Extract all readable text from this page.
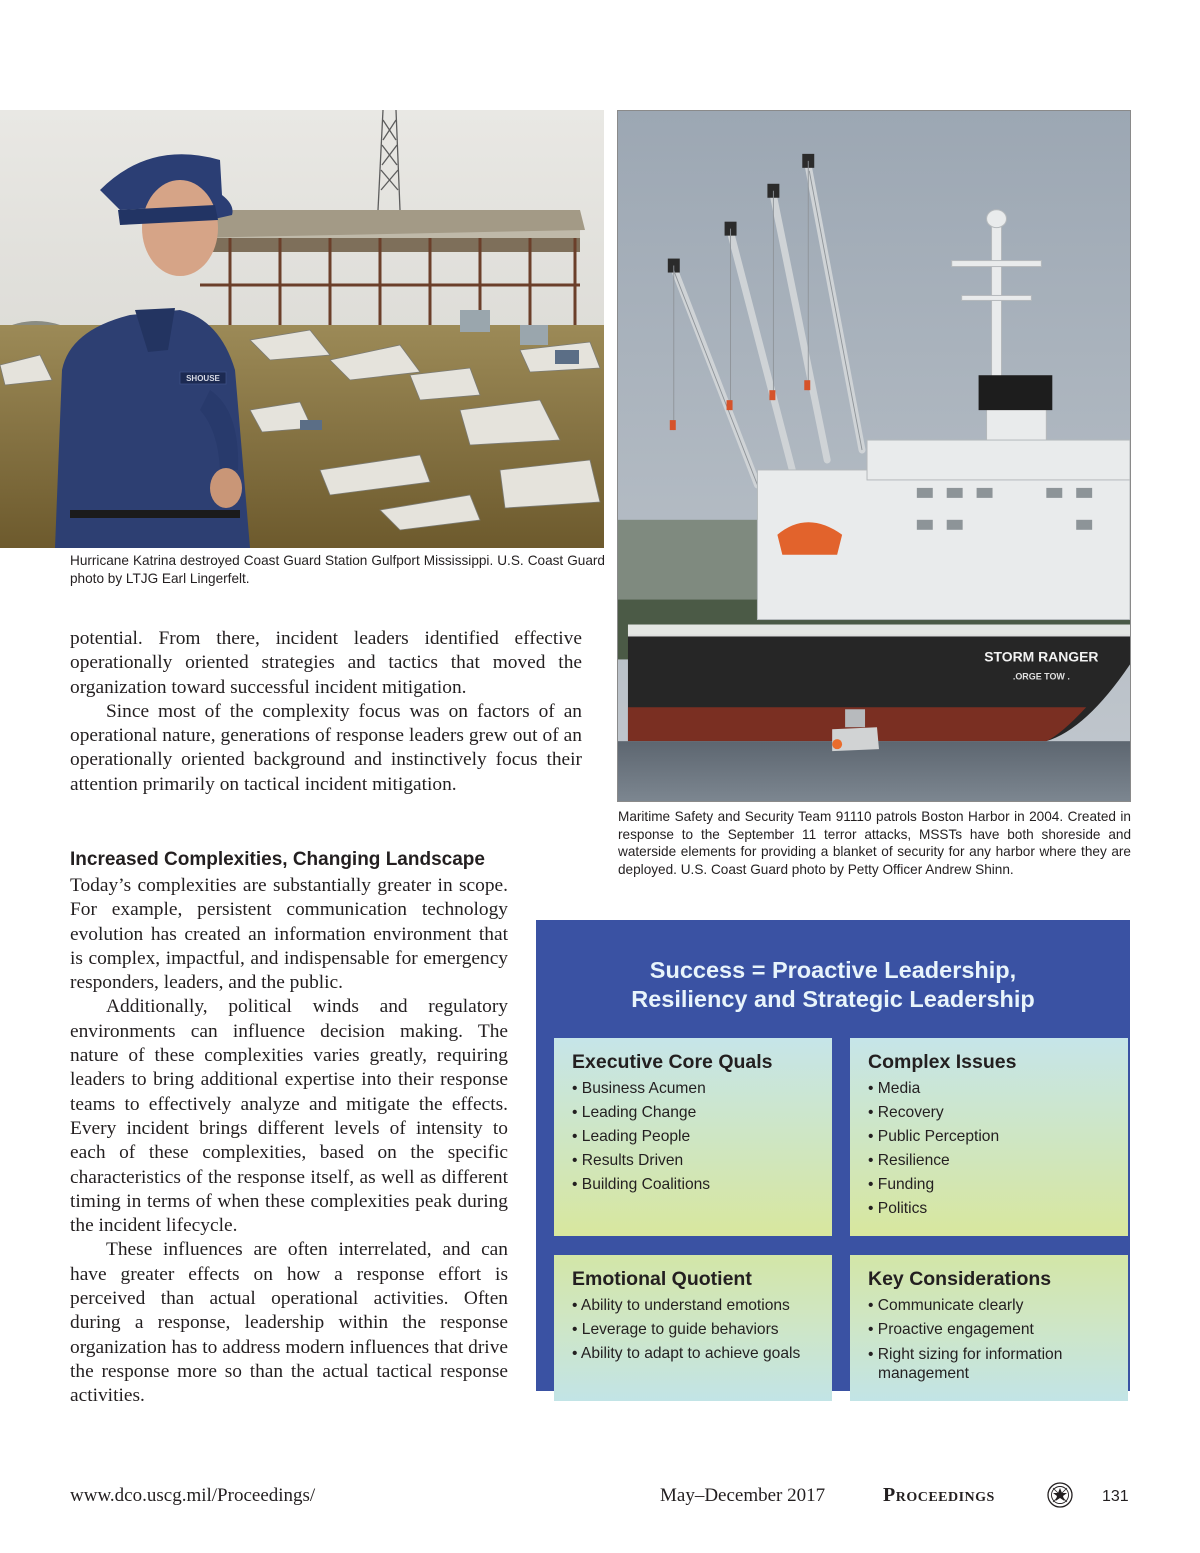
SHOUSE
Hurricane Katrina destroyed Coast Guard Station Gulfport Mississippi. U.S. Coast Guard photo by LTJG Earl Lingerfelt.
STORM RANGER
.ORGE TOW .
Maritime Safety and Security Team 91110 patrols Boston Harbor in 2004. Created in response to the September 11 terror attacks, MSSTs have both shoreside and waterside elements for providing a blanket of security for any harbor where they are deployed. U.S. Coast Guard photo by Petty Officer Andrew Shinn.

potential. From there, incident leaders identified effective operationally oriented strategies and tactics that moved the organization toward successful incident mitigation.

Since most of the complexity focus was on factors of an operational nature, generations of response leaders grew out of an operationally oriented background and instinctively focus their attention primarily on tactical incident mitigation.

Increased Complexities, Changing Landscape

Today’s complexities are substantially greater in scope. For example, persistent communication technology evolution has created an information environment that is complex, impactful, and indispensable for emergency responders, leaders, and the public.

Additionally, political winds and regulatory environments can influence decision making. The nature of these complexities varies greatly, requiring leaders to bring additional expertise into their response teams to effectively analyze and mitigate the effects. Every incident brings different levels of intensity to each of these complexities, based on the specific characteristics of the response itself, as well as different timing in terms of when these complexities peak during the incident lifecycle.

These influences are often interrelated, and can have greater effects on how a response effort is perceived than actual operational activities. Often during a response, leadership within the response organization has to address modern influences that drive the response more so than the actual tactical response activities.

Success = Proactive Leadership,
Resiliency and Strategic Leadership
Executive Core Quals
• Business Acumen
• Leading Change
• Leading People
• Results Driven
• Building Coalitions
Complex Issues
• Media
• Recovery
• Public Perception
• Resilience
• Funding
• Politics
Emotional Quotient
• Ability to understand emotions
• Leverage to guide behaviors
• Ability to adapt to achieve goals
Key Considerations
• Communicate clearly
• Proactive engagement
• Right sizing for information management
www.dco.uscg.mil/Proceedings/	May–December 2017	Proceedings	131
